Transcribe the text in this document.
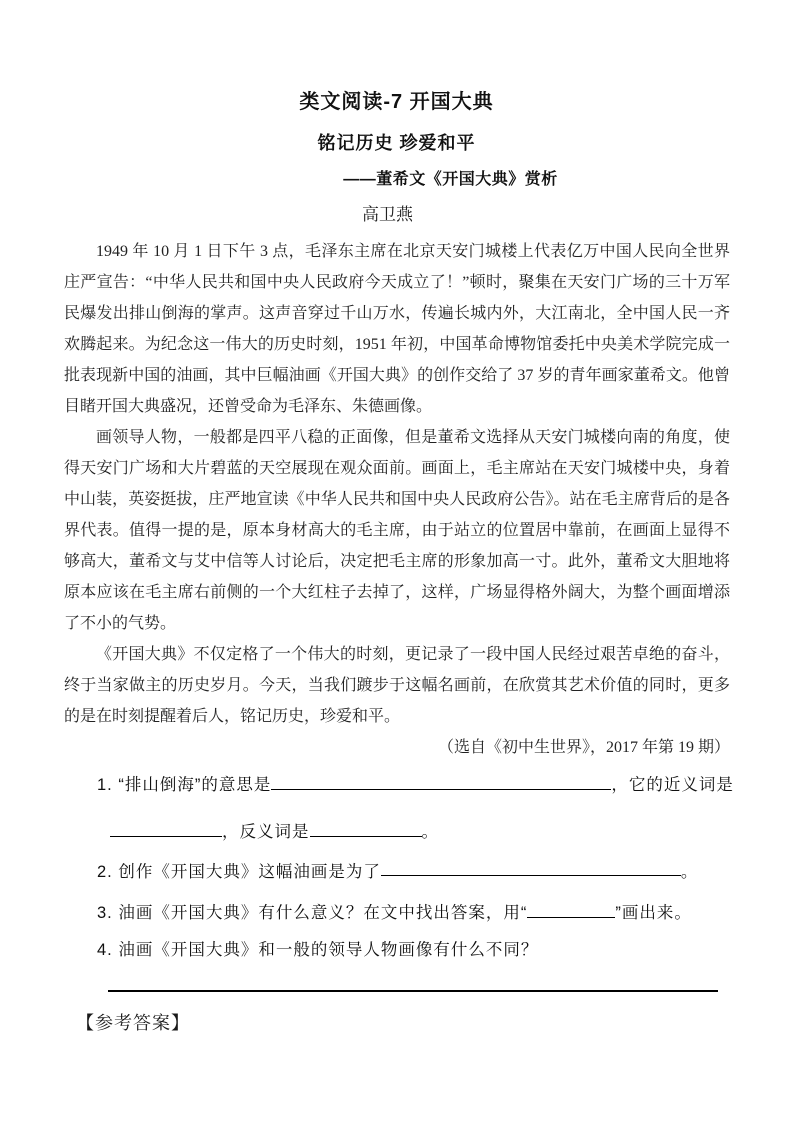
类文阅读-7 开国大典
铭记历史 珍爱和平
——董希文《开国大典》赏析
高卫燕

1949 年 10 月 1 日下午 3 点，毛泽东主席在北京天安门城楼上代表亿万中国人民向全世界庄严宣告：“中华人民共和国中央人民政府今天成立了！”顿时，聚集在天安门广场的三十万军民爆发出排山倒海的掌声。这声音穿过千山万水，传遍长城内外，大江南北，全中国人民一齐欢腾起来。为纪念这一伟大的历史时刻，1951 年初，中国革命博物馆委托中央美术学院完成一批表现新中国的油画，其中巨幅油画《开国大典》的创作交给了 37 岁的青年画家董希文。他曾目睹开国大典盛况，还曾受命为毛泽东、朱德画像。

画领导人物，一般都是四平八稳的正面像，但是董希文选择从天安门城楼向南的角度，使得天安门广场和大片碧蓝的天空展现在观众面前。画面上，毛主席站在天安门城楼中央，身着中山装，英姿挺拔，庄严地宣读《中华人民共和国中央人民政府公告》。站在毛主席背后的是各界代表。值得一提的是，原本身材高大的毛主席，由于站立的位置居中靠前，在画面上显得不够高大，董希文与艾中信等人讨论后，决定把毛主席的形象加高一寸。此外，董希文大胆地将原本应该在毛主席右前侧的一个大红柱子去掉了，这样，广场显得格外阔大，为整个画面增添了不小的气势。

《开国大典》不仅定格了一个伟大的时刻，更记录了一段中国人民经过艰苦卓绝的奋斗，终于当家做主的历史岁月。今天，当我们踱步于这幅名画前，在欣赏其艺术价值的同时，更多的是在时刻提醒着后人，铭记历史，珍爱和平。

（选自《初中生世界》，2017 年第 19 期）

1. “排山倒海”的意思是	，它的近义词是
，反义词是	。
2. 创作《开国大典》这幅油画是为了	。
3. 油画《开国大典》有什么意义？在文中找出答案，用“	”画出来。
4. 油画《开国大典》和一般的领导人物画像有什么不同？
【参考答案】
